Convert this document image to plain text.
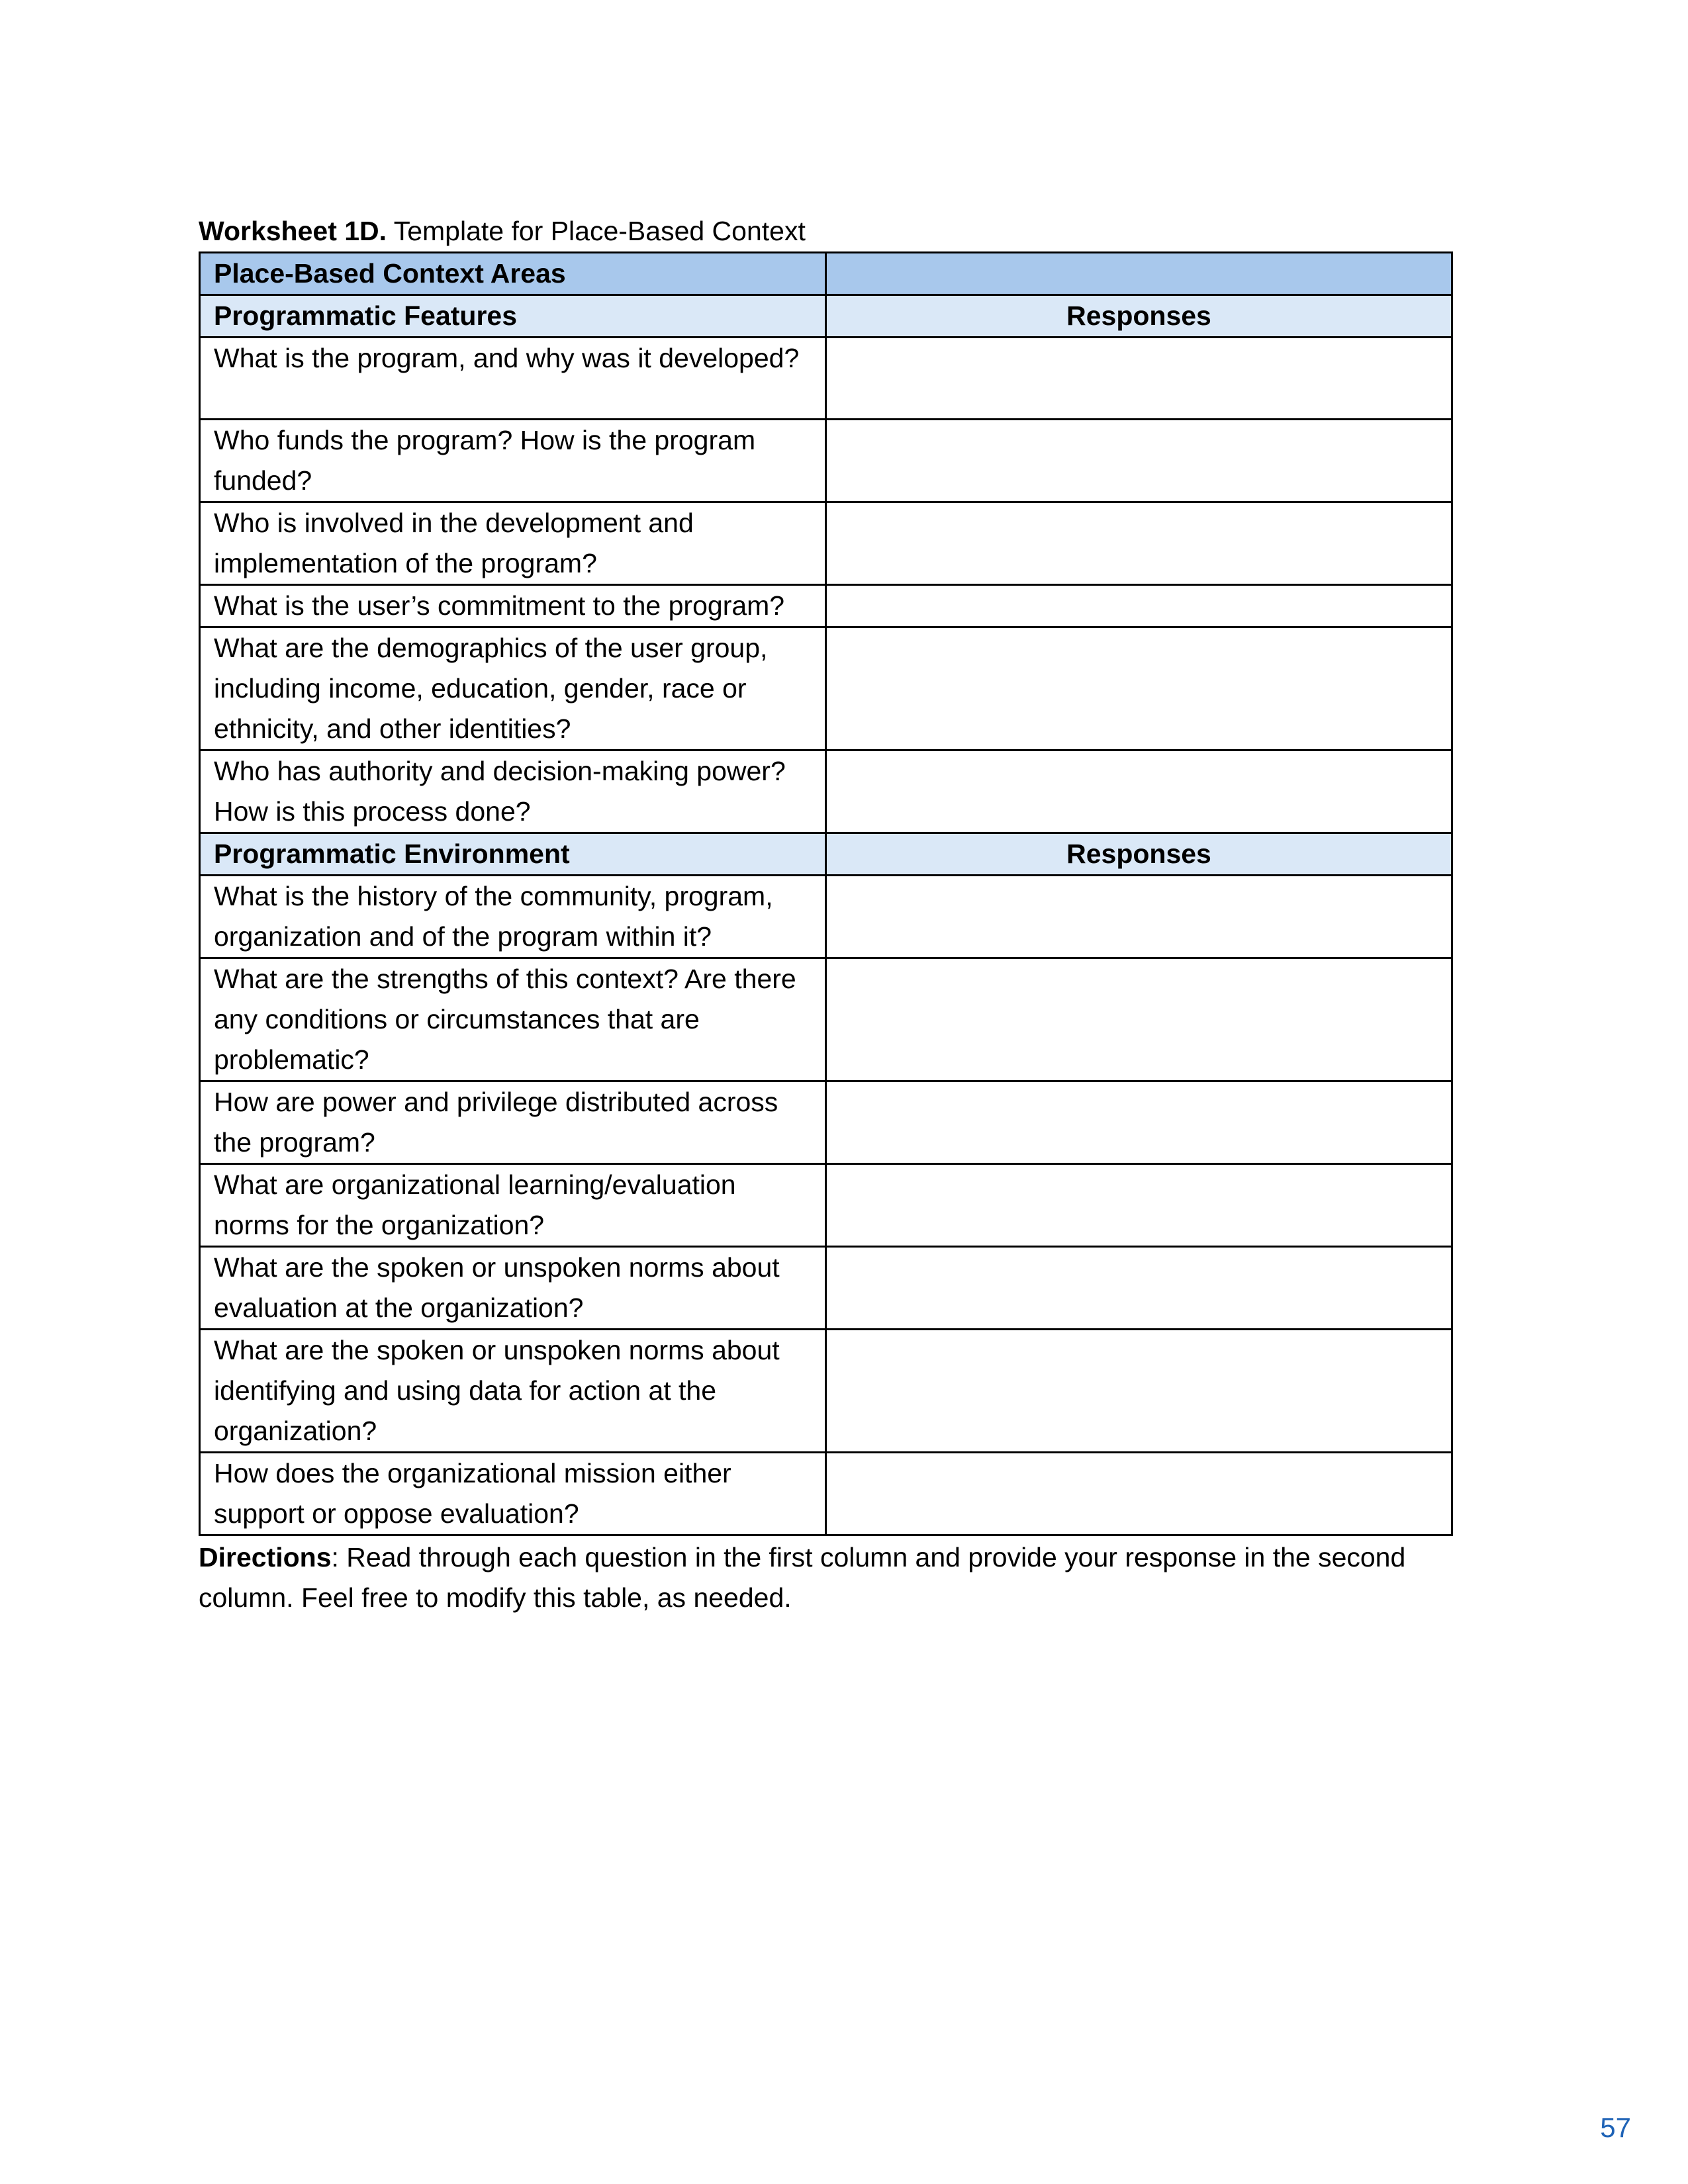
Worksheet 1D. Template for Place-Based Context
Place-Based Context Areas	
Programmatic Features	Responses
What is the program, and why was it developed?	
Who funds the program? How is the program funded?	
Who is involved in the development and implementation of the program?	
What is the user’s commitment to the program?	
What are the demographics of the user group, including income, education, gender, race or ethnicity, and other identities?	
Who has authority and decision-making power? How is this process done?	
Programmatic Environment	Responses
What is the history of the community, program, organization and of the program within it?	
What are the strengths of this context? Are there any conditions or circumstances that are problematic?	
How are power and privilege distributed across the program?	
What are organizational learning/evaluation norms for the organization?	
What are the spoken or unspoken norms about evaluation at the organization?	
What are the spoken or unspoken norms about identifying and using data for action at the organization?	
How does the organizational mission either support or oppose evaluation?	
Directions: Read through each question in the first column and provide your response in the second column. Feel free to modify this table, as needed.
57
